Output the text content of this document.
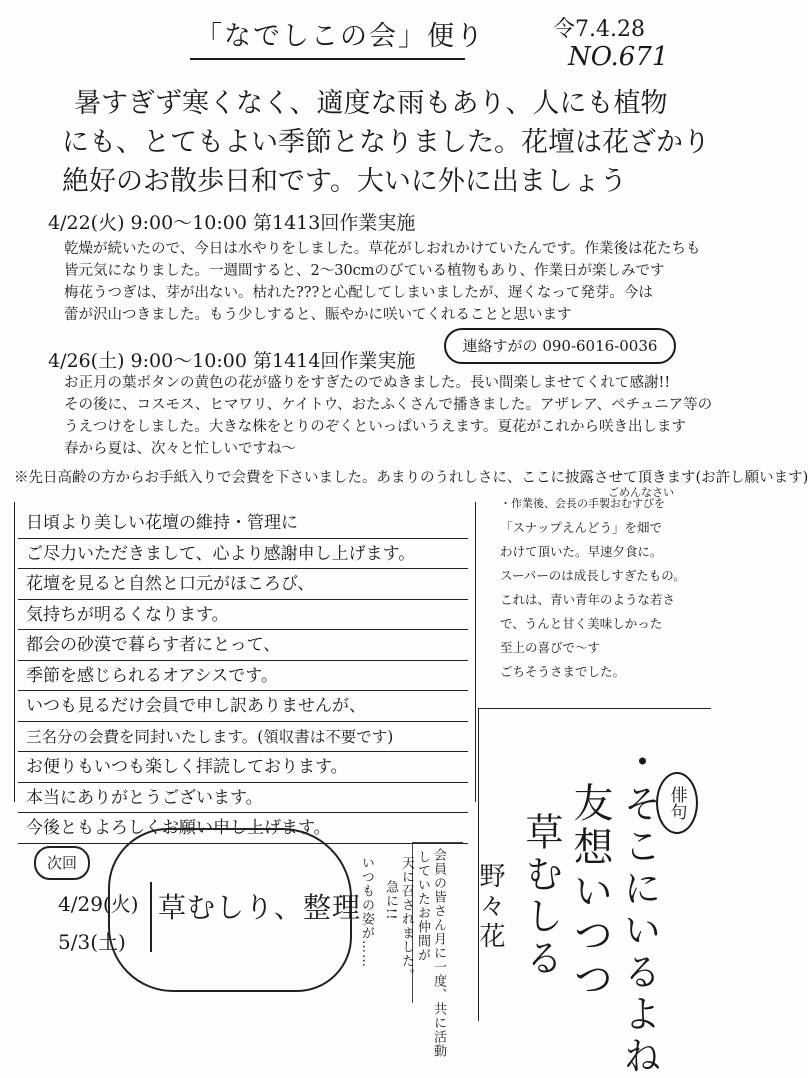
「なでしこの会」便り	令7.4.28
NO.671
暑すぎず寒くなく、適度な雨もあり、人にも植物
にも、とてもよい季節となりました。花壇は花ざかり
絶好のお散歩日和です。大いに外に出ましょう
4/22(火) 9:00〜10:00 第1413回作業実施
乾燥が続いたので、今日は水やりをしました。草花がしおれかけていたんです。作業後は花たちも
皆元気になりました。一週間すると、2〜30cmのびている植物もあり、作業日が楽しみです
梅花うつぎは、芽が出ない。枯れた???と心配してしまいましたが、遅くなって発芽。今は
蕾が沢山つきました。もう少しすると、賑やかに咲いてくれることと思います
連絡すがの 090-6016-0036
4/26(土) 9:00〜10:00 第1414回作業実施
お正月の葉ボタンの黄色の花が盛りをすぎたのでぬきました。長い間楽しませてくれて感謝!!
その後に、コスモス、ヒマワリ、ケイトウ、おたふくさんで播きました。アザレア、ペチュニア等の
うえつけをしました。大きな株をとりのぞくといっぱいうえます。夏花がこれから咲き出します
春から夏は、次々と忙しいですね〜
※先日高齢の方からお手紙入りで会費を下さいました。あまりのうれしさに、ここに披露させて頂きます(お許し願います)
ごめんなさい
日頃より美しい花壇の維持・管理に
ご尽力いただきまして、心より感謝申し上げます。
花壇を見ると自然と口元がほころび、
気持ちが明るくなります。
都会の砂漠で暮らす者にとって、
季節を感じられるオアシスです。
いつも見るだけ会員で申し訳ありませんが、
三名分の会費を同封いたします。(領収書は不要です)
お便りもいつも楽しく拝読しております。
本当にありがとうございます。
今後ともよろしくお願い申し上げます。
・作業後、会長の手製おむすびを
「スナップえんどう」を畑で
わけて頂いた。早速夕食に。
スーパーのは成長しすぎたもの。
これは、青い青年のような若さ
で、うんと甘く美味しかった
至上の喜びで〜す
ごちそうさまでした。
俳句
・そこにいるよね
友想いつつ
草むしる
野々花
会員の皆さん月に一度、共に活動
していたお仲間が
天に召されました。
急に!!
いつもの姿が……
次回
4/29(火)
5/3(土)
草むしり、整理
